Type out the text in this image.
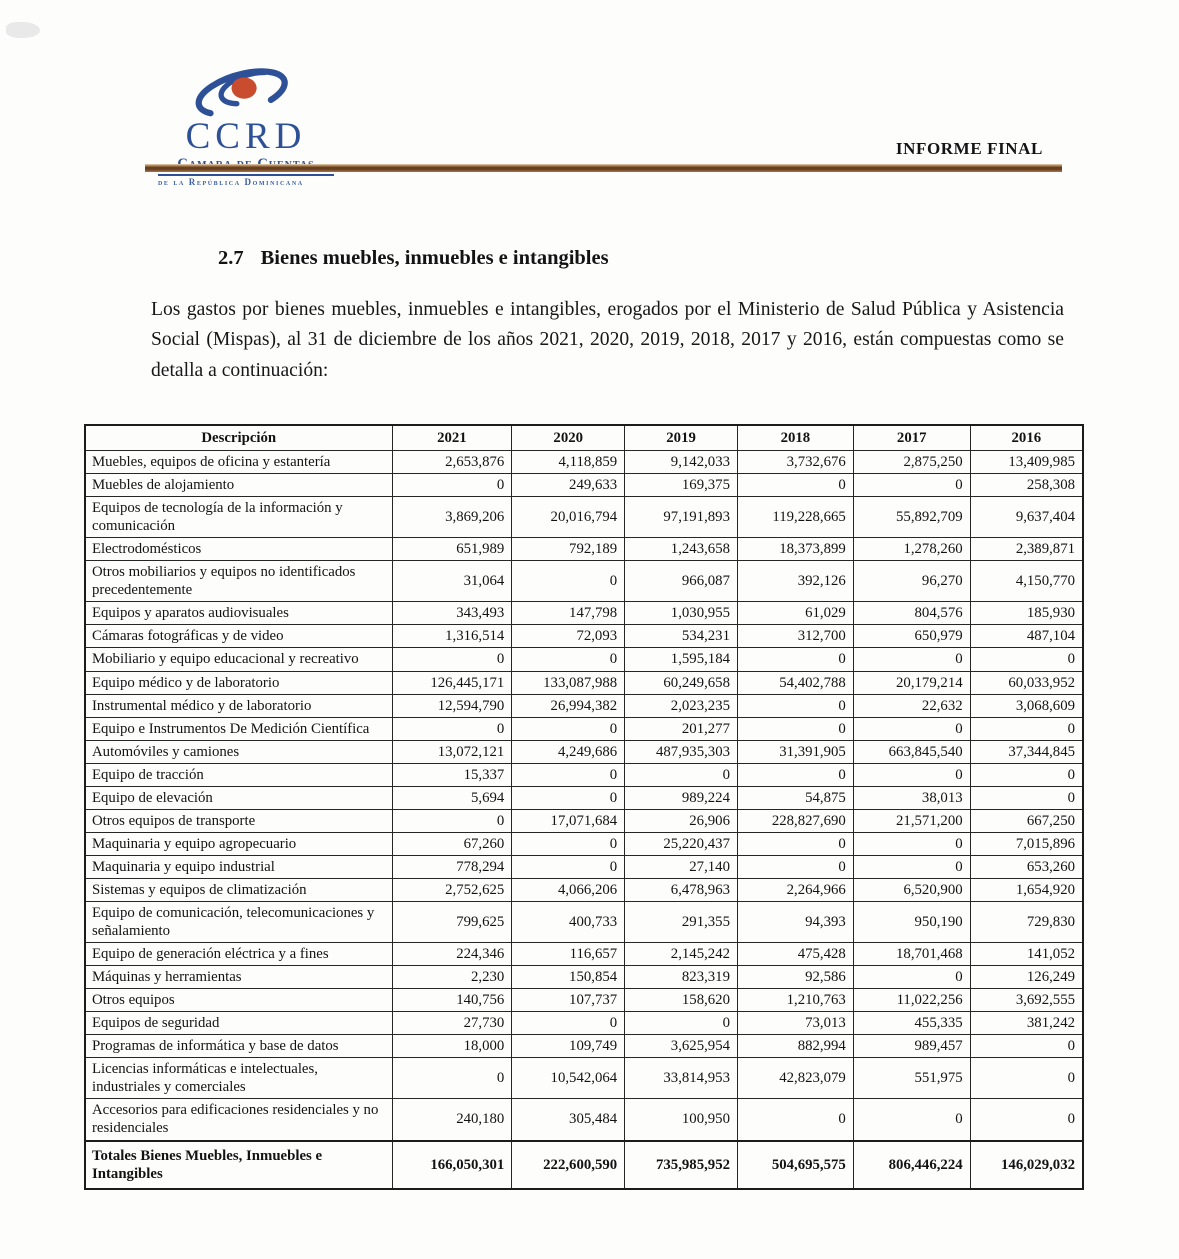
CCRD
de la República Dominicana
INFORME FINAL
2.7 Bienes muebles, inmuebles e intangibles

Los gastos por bienes muebles, inmuebles e intangibles, erogados por el Ministerio de Salud Pública y Asistencia Social (Mispas), al 31 de diciembre de los años 2021, 2020, 2019, 2018, 2017 y 2016, están compuestas como se detalla a continuación:

Descripción	2021	2020	2019	2018	2017	2016
Muebles, equipos de oficina y estantería	2,653,876	4,118,859	9,142,033	3,732,676	2,875,250	13,409,985
Muebles de alojamiento	0	249,633	169,375	0	0	258,308
Equipos de tecnología de la información y comunicación	3,869,206	20,016,794	97,191,893	119,228,665	55,892,709	9,637,404
Electrodomésticos	651,989	792,189	1,243,658	18,373,899	1,278,260	2,389,871
Otros mobiliarios y equipos no identificados precedentemente	31,064	0	966,087	392,126	96,270	4,150,770
Equipos y aparatos audiovisuales	343,493	147,798	1,030,955	61,029	804,576	185,930
Cámaras fotográficas y de video	1,316,514	72,093	534,231	312,700	650,979	487,104
Mobiliario y equipo educacional y recreativo	0	0	1,595,184	0	0	0
Equipo médico y de laboratorio	126,445,171	133,087,988	60,249,658	54,402,788	20,179,214	60,033,952
Instrumental médico y de laboratorio	12,594,790	26,994,382	2,023,235	0	22,632	3,068,609
Equipo e Instrumentos De Medición Científica	0	0	201,277	0	0	0
Automóviles y camiones	13,072,121	4,249,686	487,935,303	31,391,905	663,845,540	37,344,845
Equipo de tracción	15,337	0	0	0	0	0
Equipo de elevación	5,694	0	989,224	54,875	38,013	0
Otros equipos de transporte	0	17,071,684	26,906	228,827,690	21,571,200	667,250
Maquinaria y equipo agropecuario	67,260	0	25,220,437	0	0	7,015,896
Maquinaria y equipo industrial	778,294	0	27,140	0	0	653,260
Sistemas y equipos de climatización	2,752,625	4,066,206	6,478,963	2,264,966	6,520,900	1,654,920
Equipo de comunicación, telecomunicaciones y señalamiento	799,625	400,733	291,355	94,393	950,190	729,830
Equipo de generación eléctrica y a fines	224,346	116,657	2,145,242	475,428	18,701,468	141,052
Máquinas y herramientas	2,230	150,854	823,319	92,586	0	126,249
Otros equipos	140,756	107,737	158,620	1,210,763	11,022,256	3,692,555
Equipos de seguridad	27,730	0	0	73,013	455,335	381,242
Programas de informática y base de datos	18,000	109,749	3,625,954	882,994	989,457	0
Licencias informáticas e intelectuales, industriales y comerciales	0	10,542,064	33,814,953	42,823,079	551,975	0
Accesorios para edificaciones residenciales y no residenciales	240,180	305,484	100,950	0	0	0
Totales Bienes Muebles, Inmuebles e Intangibles	166,050,301	222,600,590	735,985,952	504,695,575	806,446,224	146,029,032
